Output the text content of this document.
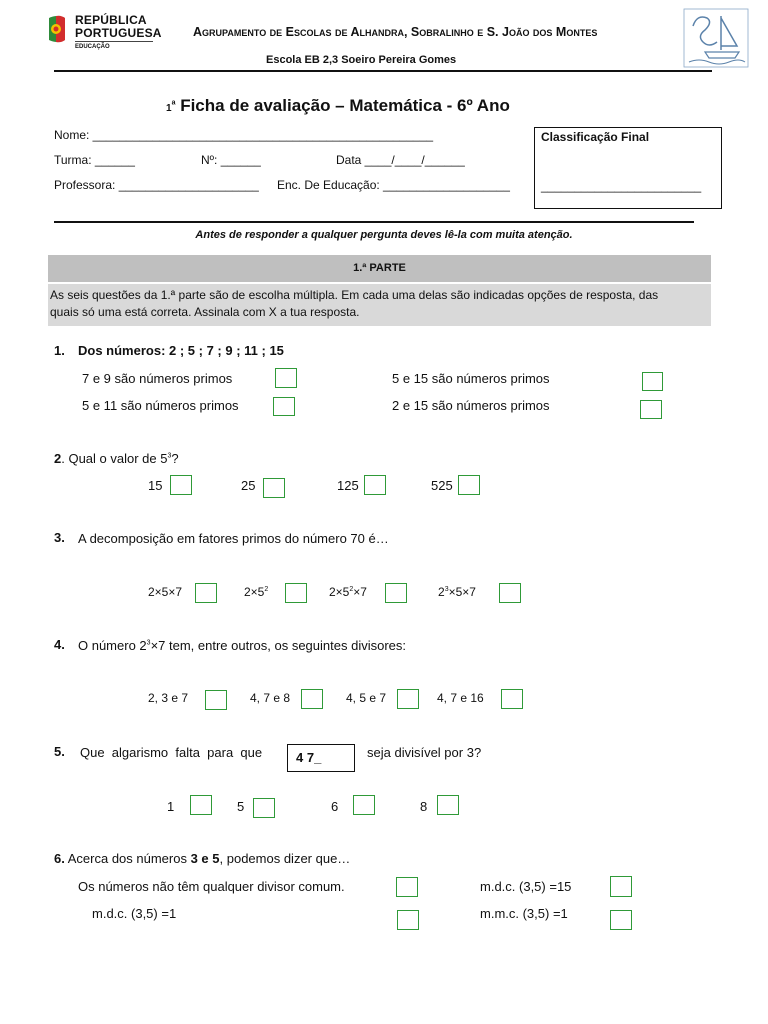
REPÚBLICA
PORTUGUESA
EDUCAÇÃO
Agrupamento de Escolas de Alhandra, Sobralinho e S. João dos Montes
Escola EB 2,3 Soeiro Pereira Gomes
1$^a$ Ficha de avaliação – Matemática - 6º Ano
Nome: ___________________________________________________
Turma: ______	Nº: ______	Data ____/____/______
Professora: _____________________ Enc. De Educação: ___________________
Classificação Final
________________________
Antes de responder a qualquer pergunta deves lê-la com muita atenção.
1.ª PARTE
As seis questões da 1.ª parte são de escolha múltipla. Em cada uma delas são indicadas opções de resposta, das
quais só uma está correta. Assinala com X a tua resposta.
1. Dos números: 2 ; 5 ; 7 ; 9 ; 11 ; 15
7 e 9 são números primos	5 e 15 são números primos
5 e 11 são números primos	2 e 15 são números primos
2. Qual o valor de $5^3$?
15	25	125	525
3. A decomposição em fatores primos do número 70 é…
2×5×7	$2\times 5^2$	$2\times 5^2\times 7$	$2^3\times 5\times 7$
4. O número $2^3\times 7$ tem, entre outros, os seguintes divisores:
2, 3 e 7	4, 7 e 8	4, 5 e 7	4, 7 e 16
5. Que  algarismo  falta  para  que	4 7_	seja divisível por 3?
1	5	6	8
6. Acerca dos números 3 e 5, podemos dizer que…
Os números não têm qualquer divisor comum.	m.d.c. (3,5) =15
m.d.c. (3,5) =1	m.m.c. (3,5) =1
